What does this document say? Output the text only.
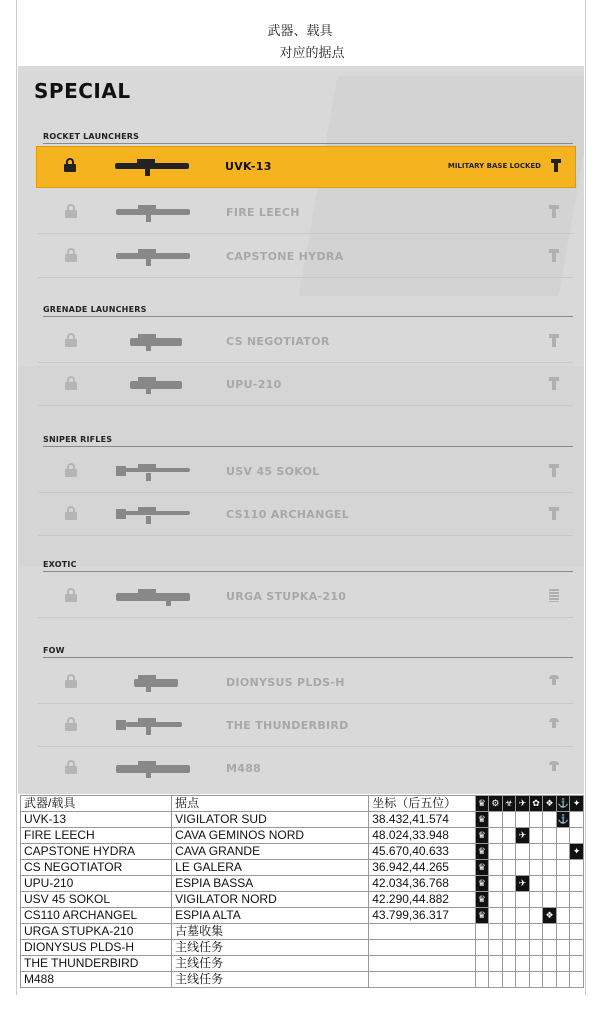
武器、载具
对应的据点
SPECIAL
ROCKET LAUNCHERS
UVK-13	MILITARY BASE LOCKED
FIRE LEECH
CAPSTONE HYDRA
GRENADE LAUNCHERS
CS NEGOTIATOR
UPU-210
SNIPER RIFLES
USV 45 SOKOL
CS110 ARCHANGEL
EXOTIC
URGA STUPKA-210
FOW
DIONYSUS PLDS-H
THE THUNDERBIRD
M488
武器/载具	据点	坐标（后五位）	♛	⚙	☣	✈	✿	❖	⚓	✦
UVK-13	VIGILATOR SUD	38.432,41.574	♛						⚓	
FIRE LEECH	CAVA GEMINOS NORD	48.024,33.948	♛			✈				
CAPSTONE HYDRA	CAVA GRANDE	45.670,40.633	♛							✦
CS NEGOTIATOR	LE GALERA	36.942,44.265	♛							
UPU-210	ESPIA BASSA	42.034,36.768	♛			✈				
USV 45 SOKOL	VIGILATOR NORD	42.290,44.882	♛							
CS110 ARCHANGEL	ESPIA ALTA	43.799,36.317	♛					❖		
URGA STUPKA-210	古墓收集									
DIONYSUS PLDS-H	主线任务									
THE THUNDERBIRD	主线任务									
M488	主线任务									
